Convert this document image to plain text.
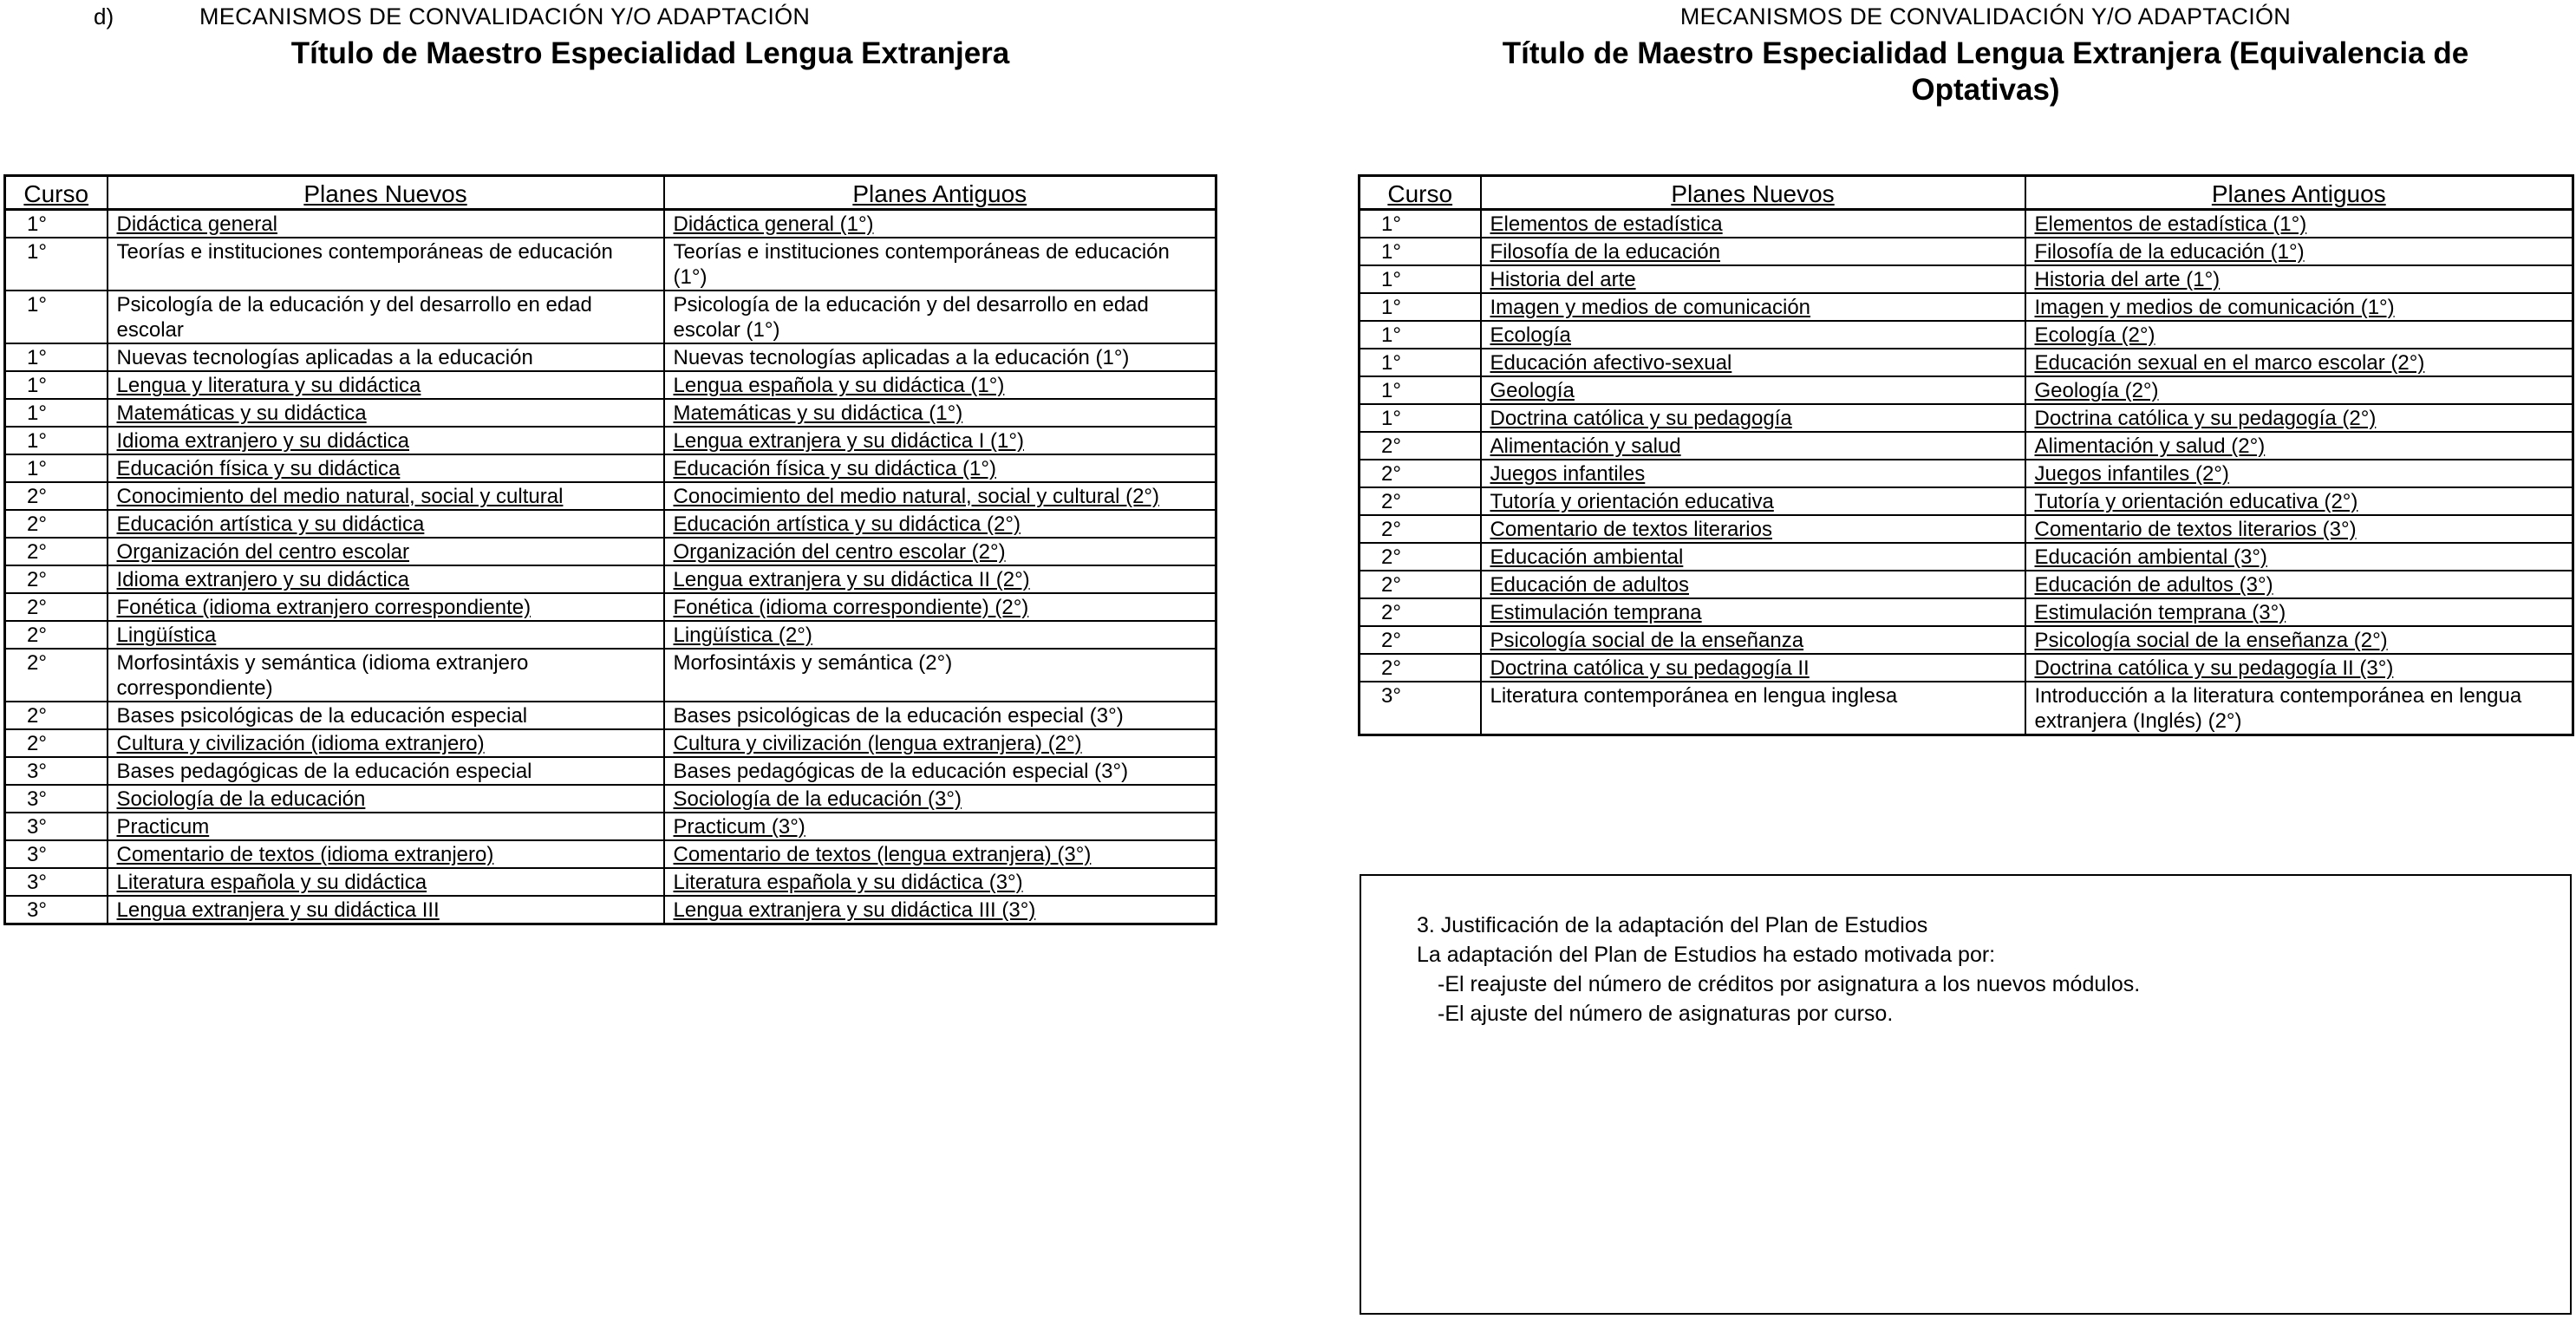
d)	MECANISMOS DE CONVALIDACIÓN Y/O ADAPTACIÓN
Título de Maestro Especialidad Lengua Extranjera
MECANISMOS DE CONVALIDACIÓN Y/O ADAPTACIÓN
Título de Maestro Especialidad Lengua Extranjera (Equivalencia de
Optativas)
Curso	Planes Nuevos	Planes Antiguos
1°	Didáctica general	Didáctica general (1°)
1°	Teorías e instituciones contemporáneas de educación	Teorías e instituciones contemporáneas de educación (1°)
1°	Psicología de la educación y del desarrollo en edad escolar	Psicología de la educación y del desarrollo en edad escolar (1°)
1°	Nuevas tecnologías aplicadas a la educación	Nuevas tecnologías aplicadas a la educación (1°)
1°	Lengua y literatura y su didáctica	Lengua española y su didáctica (1°)
1°	Matemáticas y su didáctica	Matemáticas y su didáctica (1°)
1°	Idioma extranjero y su didáctica	Lengua extranjera y su didáctica I (1°)
1°	Educación física y su didáctica	Educación física y su didáctica (1°)
2°	Conocimiento del medio natural, social y cultural	Conocimiento del medio natural, social y cultural (2°)
2°	Educación artística y su didáctica	Educación artística y su didáctica (2°)
2°	Organización del centro escolar	Organización del centro escolar (2°)
2°	Idioma extranjero y su didáctica	Lengua extranjera y su didáctica II (2°)
2°	Fonética (idioma extranjero correspondiente)	Fonética (idioma correspondiente) (2°)
2°	Lingüística	Lingüística (2°)
2°	Morfosintáxis y semántica (idioma extranjero correspondiente)	Morfosintáxis y semántica (2°)
2°	Bases psicológicas de la educación especial	Bases psicológicas de la educación especial (3°)
2°	Cultura y civilización (idioma extranjero)	Cultura y civilización (lengua extranjera) (2°)
3°	Bases pedagógicas de la educación especial	Bases pedagógicas de la educación especial (3°)
3°	Sociología de la educación	Sociología de la educación (3°)
3°	Practicum	Practicum (3°)
3°	Comentario de textos (idioma extranjero)	Comentario de textos (lengua extranjera) (3°)
3°	Literatura española y su didáctica	Literatura española y su didáctica (3°)
3°	Lengua extranjera y su didáctica III	Lengua extranjera y su didáctica III (3°)
Curso	Planes Nuevos	Planes Antiguos
1°	Elementos de estadística	Elementos de estadística (1°)
1°	Filosofía de la educación	Filosofía de la educación (1°)
1°	Historia del arte	Historia del arte (1°)
1°	Imagen y medios de comunicación	Imagen y medios de comunicación (1°)
1°	Ecología	Ecología (2°)
1°	Educación afectivo-sexual	Educación sexual en el marco escolar (2°)
1°	Geología	Geología (2°)
1°	Doctrina católica y su pedagogía	Doctrina católica y su pedagogía (2°)
2°	Alimentación y salud	Alimentación y salud (2°)
2°	Juegos infantiles	Juegos infantiles (2°)
2°	Tutoría y orientación educativa	Tutoría y orientación educativa (2°)
2°	Comentario de textos literarios	Comentario de textos literarios (3°)
2°	Educación ambiental	Educación ambiental (3°)
2°	Educación de adultos	Educación de adultos (3°)
2°	Estimulación temprana	Estimulación temprana (3°)
2°	Psicología social de la enseñanza	Psicología social de la enseñanza (2°)
2°	Doctrina católica y su pedagogía II	Doctrina católica y su pedagogía II (3°)
3°	Literatura contemporánea en lengua inglesa	Introducción a la literatura contemporánea en lengua extranjera (Inglés) (2°)
3. Justificación de la adaptación del Plan de Estudios
La adaptación del Plan de Estudios ha estado motivada por:
-El reajuste del número de créditos por asignatura a los nuevos módulos.
-El ajuste del número de asignaturas por curso.
